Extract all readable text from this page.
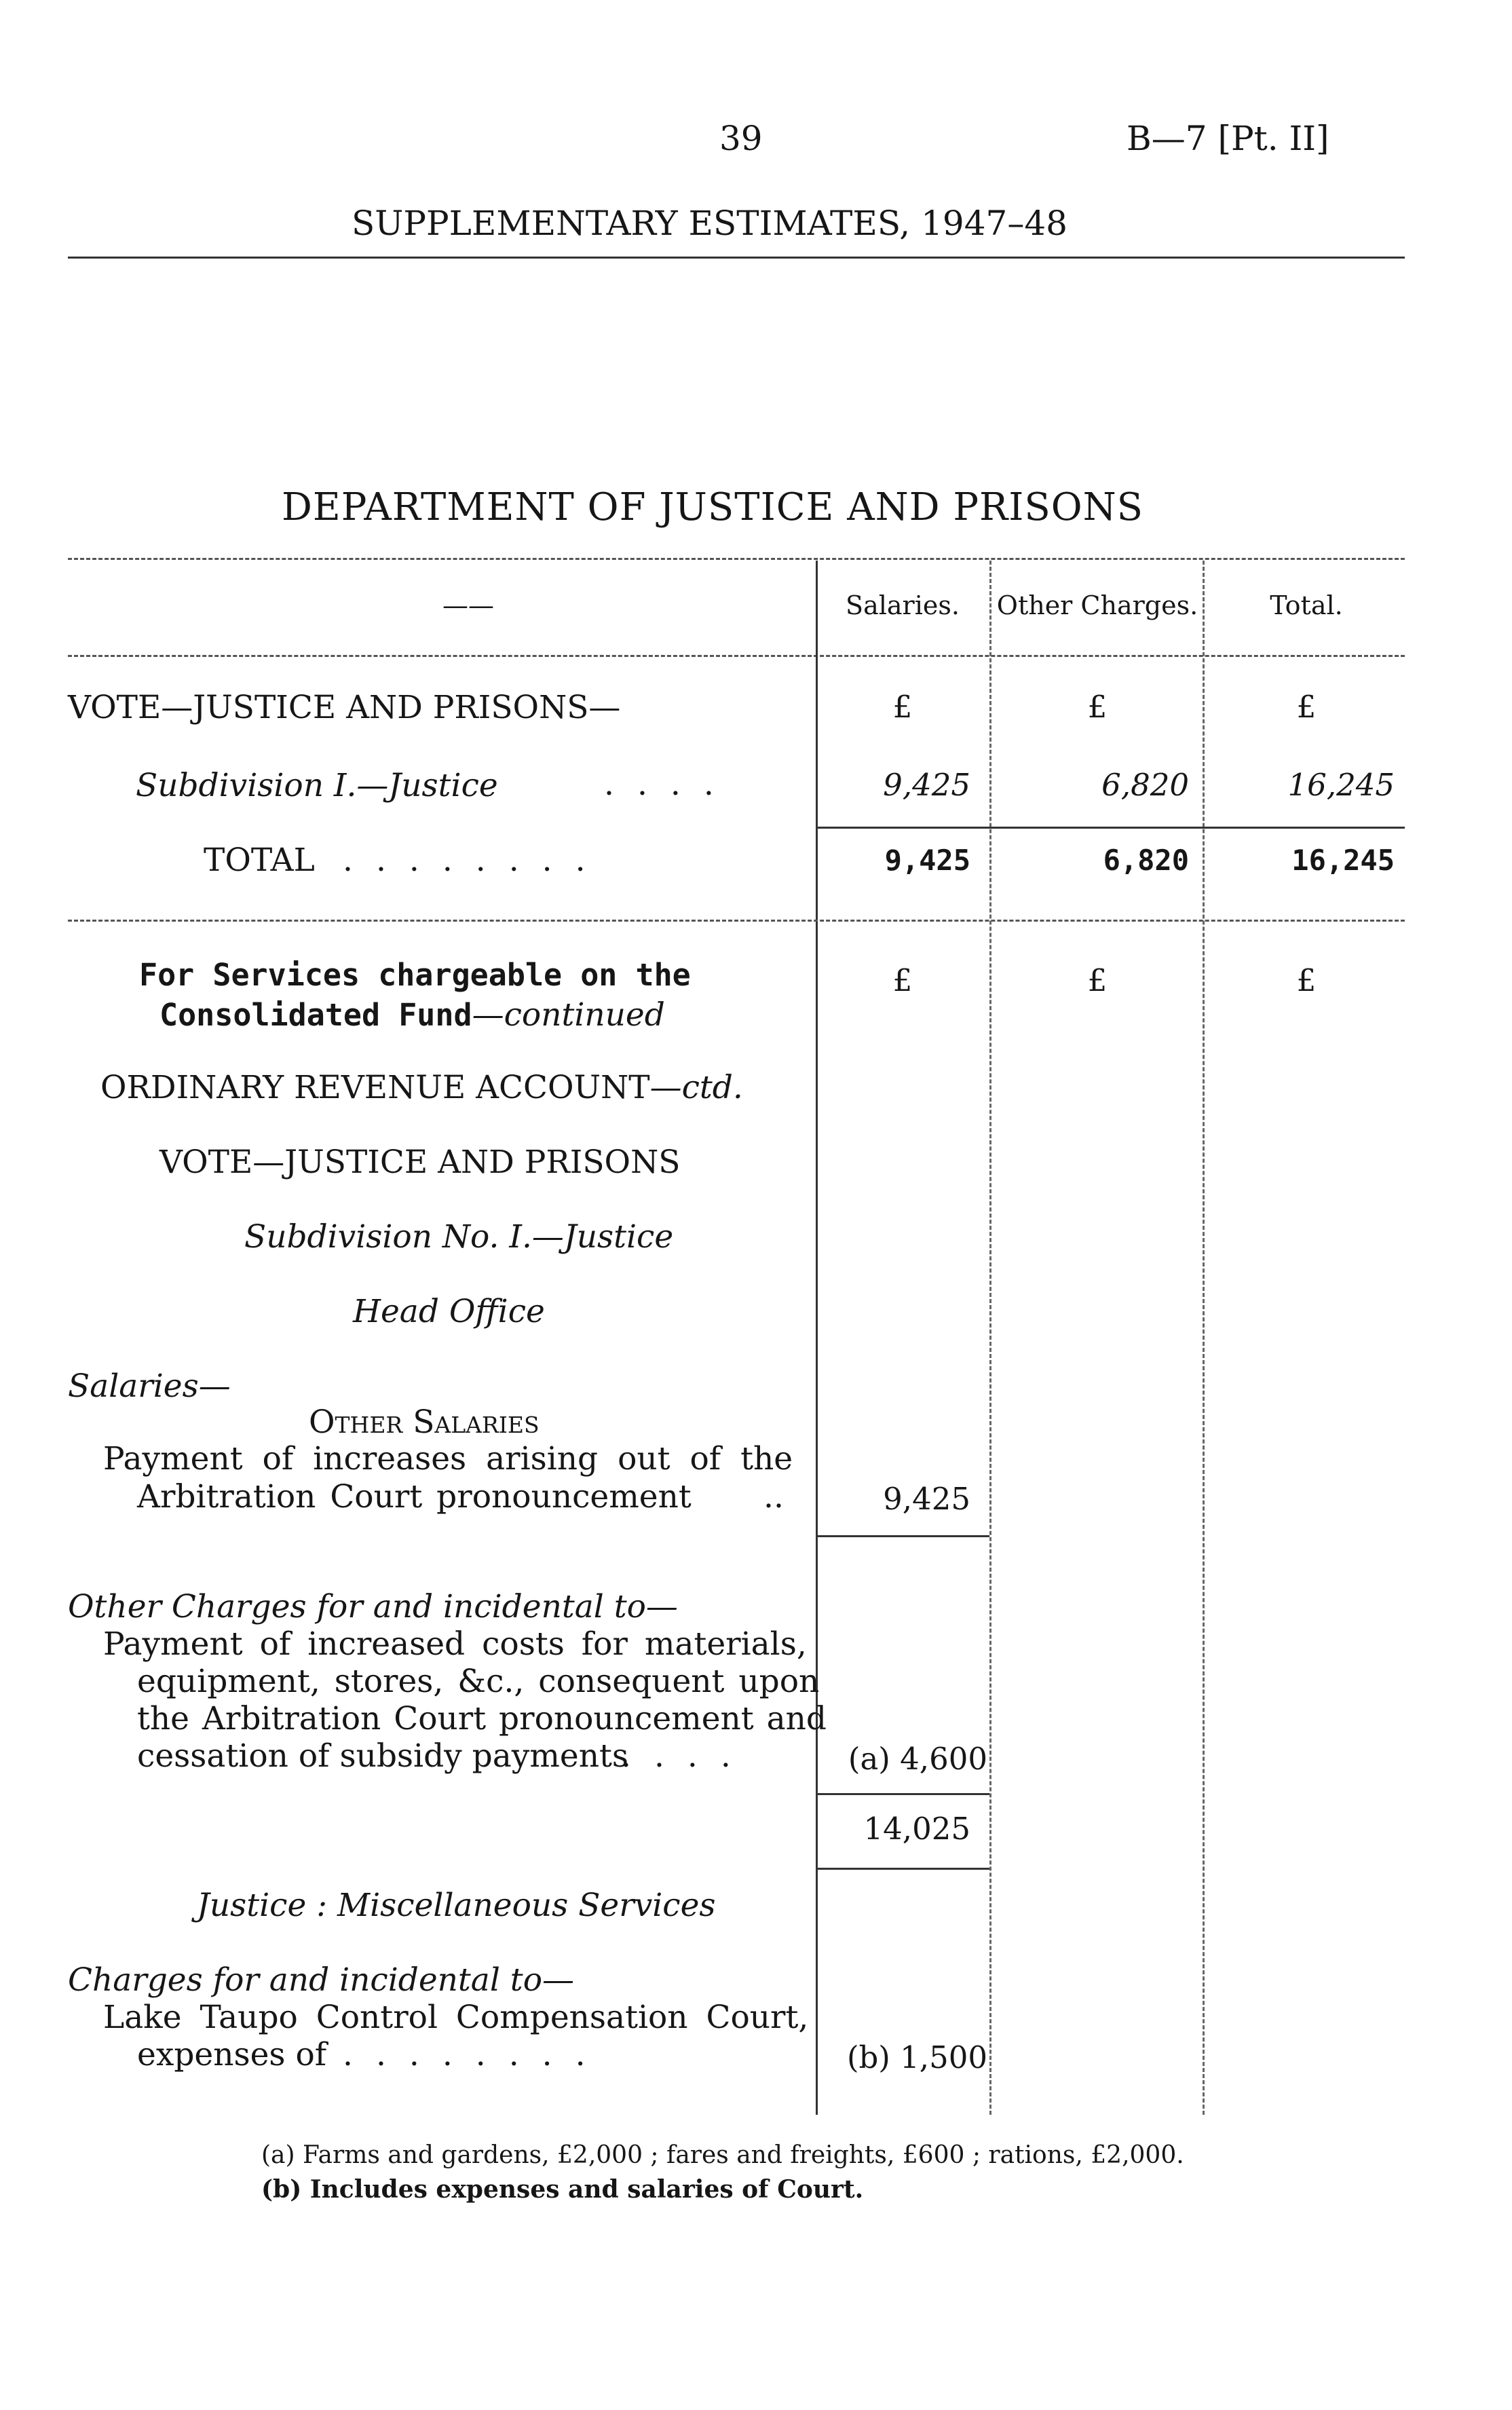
39	B—7 [Pt. II]
SUPPLEMENTARY ESTIMATES, 1947–48
DEPARTMENT OF JUSTICE AND PRISONS
——	Salaries.	Other Charges.	Total.
VOTE—JUSTICE AND PRISONS—	£	£	£
Subdivision I.—Justice	....	9,425	6,820	16,245
TOTAL ........	9,425	6,820	16,245
For Services chargeable on the
Consolidated Fund—continued
£	£	£
ORDINARY REVENUE ACCOUNT—ctd.
VOTE—JUSTICE AND PRISONS
Subdivision No. I.—Justice
Head Office
Salaries—
Other Salaries
Payment of increases arising out of the
Arbitration Court pronouncement ..	9,425
Other Charges for and incidental to—
Payment of increased costs for materials,
equipment, stores, &c., consequent upon
the Arbitration Court pronouncement and
cessation of subsidy payments
....	(a) 4,600
14,025
Justice : Miscellaneous Services
Charges for and incidental to—
Lake Taupo Control Compensation Court,
expenses of ........	(b) 1,500
(a) Farms and gardens, £2,000 ; fares and freights, £600 ; rations, £2,000.
(b) Includes expenses and salaries of Court.
